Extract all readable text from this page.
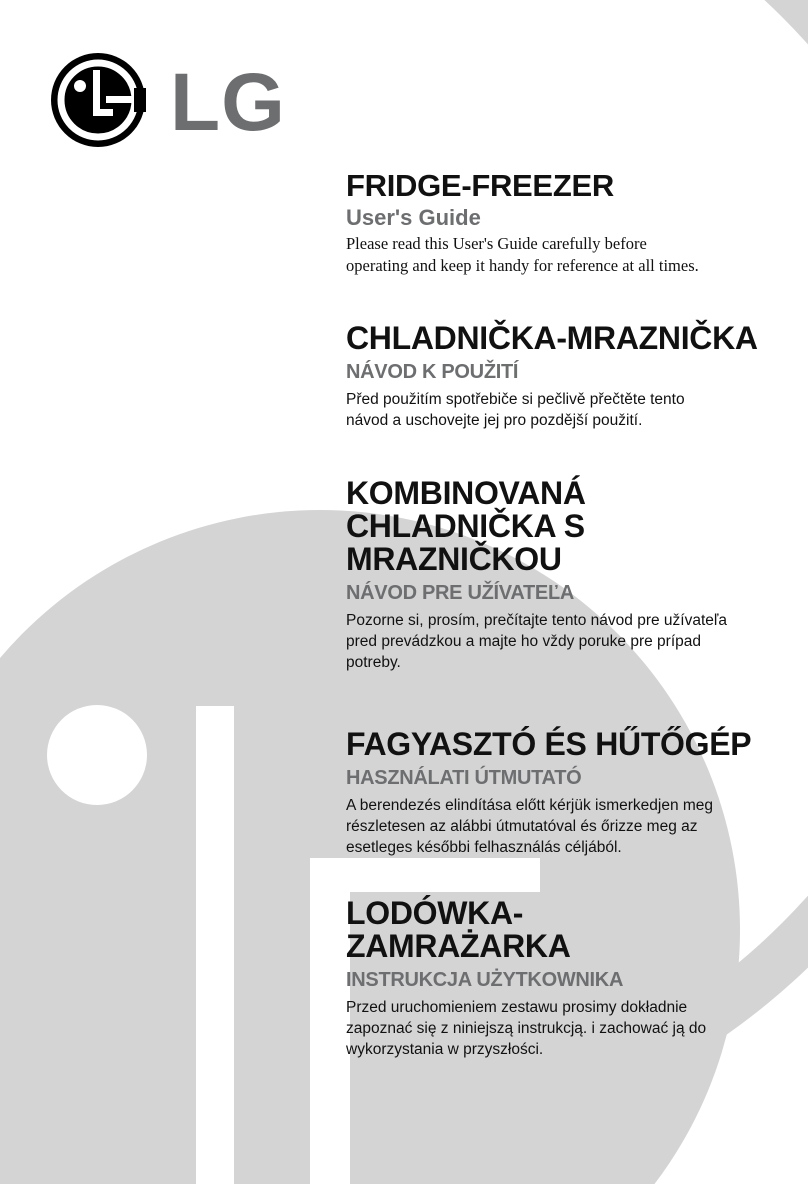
LG
FRIDGE-FREEZER
User's Guide

Please read this User's Guide carefully before
operating and keep it handy for reference at all times.

CHLADNIČKA-MRAZNIČKA
NÁVOD K POUŽITÍ

Před použitím spotřebiče si pečlivě přečtěte tento
návod a uschovejte jej pro pozdější použití.

KOMBINOVANÁ
CHLADNIČKA S
MRAZNIČKOU
NÁVOD PRE UŽÍVATEĽA

Pozorne si, prosím, prečítajte tento návod pre užívateľa
pred prevádzkou a majte ho vždy poruke pre prípad
potreby.

FAGYASZTÓ ÉS HŰTŐGÉP
HASZNÁLATI ÚTMUTATÓ

A berendezés elindítása előtt kérjük ismerkedjen meg
részletesen az alábbi útmutatóval és őrizze meg az
esetleges későbbi felhasználás céljából.

LODÓWKA-
ZAMRAŻARKA
INSTRUKCJA UŻYTKOWNIKA

Przed uruchomieniem zestawu prosimy dokładnie
zapoznać się z niniejszą instrukcją. i zachować ją do
wykorzystania w przyszłości.
